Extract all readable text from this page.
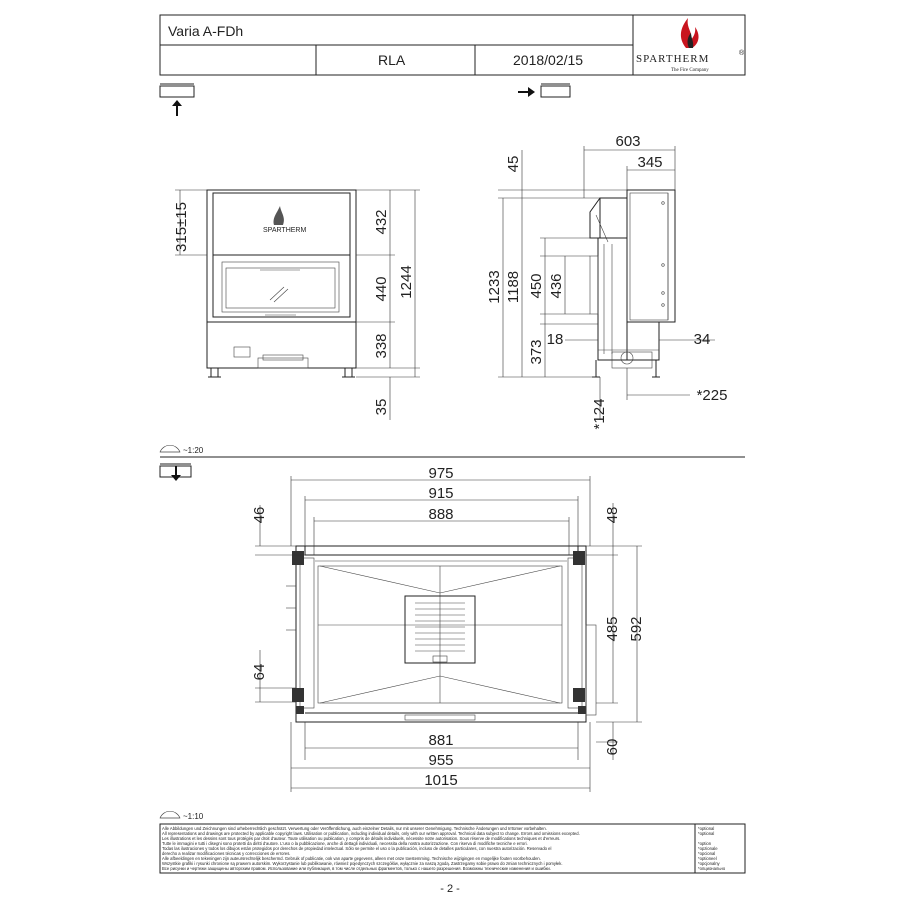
Varia A-FDh
RLA	2018/02/15	SPARTHERM	®
The Fire Company
SPARTHERM
315±15	432
440
338
1244
35
603
345
45
1233 1188 450 436
373 18	34
*225
*124
~1:20
975
915
888
46
64
48
485 592
60
881
955
1015
~1:10
Alle Abbildungen und Zeichnungen sind urheberrechtlich geschützt. Verwertung oder Veröffentlichung, auch einzelner Details, nur mit unserer Genehmigung. Technische Änderungen und Irrtümer vorbehalten.
All representations and drawings are protected by applicable copyright laws. Utilisation or publication, including individual details, only with our written approval. Technical data subject to change. Errors and omissions excepted.
Les illustrations et les dessins sont tous protégés par droit d'auteur. Toute utilisation ou publication, y compris de détails individuels, nécessite notre autorisation. Sous réserve de modifications techniques et d'erreurs.
Tutte le immagini e tutti i disegni sono protetti da diritti d'autore. L'uso o la pubblicazione, anche di dettagli individuali, necessita della nostra autorizzazione. Con riserva di modifiche tecniche e errori.
Todas las ilustraciones y todos los dibujos están protegidos por derechos de propiedad intelectual. Sólo se permite el uso o la publicación, incluso de detalles particulares, con nuestra autorización. Reservado el
derecho a realizar modificaciones técnicas y correcciones de errores.
Alle afbeeldingen en tekeningen zijn auteursrechtelijk beschermd. Gebruik of publicatie, ook van aparte gegevens, alleen met onze toestemming. Technische wijzigingen en mogelijke fouten voorbehouden.
Wszystkie grafiki i rysunki chronione są prawem autorskim. Wykorzystanie lub publikowanie, również pojedynczych szczegółów, wyłącznie za naszą zgodą. Zastrzegamy sobie prawo do zmian technicznych i pomyłek.
Все рисунки и чертежи защищены авторским правом. Использование или публикация, в том числе отдельных фрагментов, только с нашего разрешения. Возможны технические изменения и ошибки.
*optional
*optional
*option
*opzionale
*opcional
*optioneel
*opcjonalny
*опционально
- 2 -
